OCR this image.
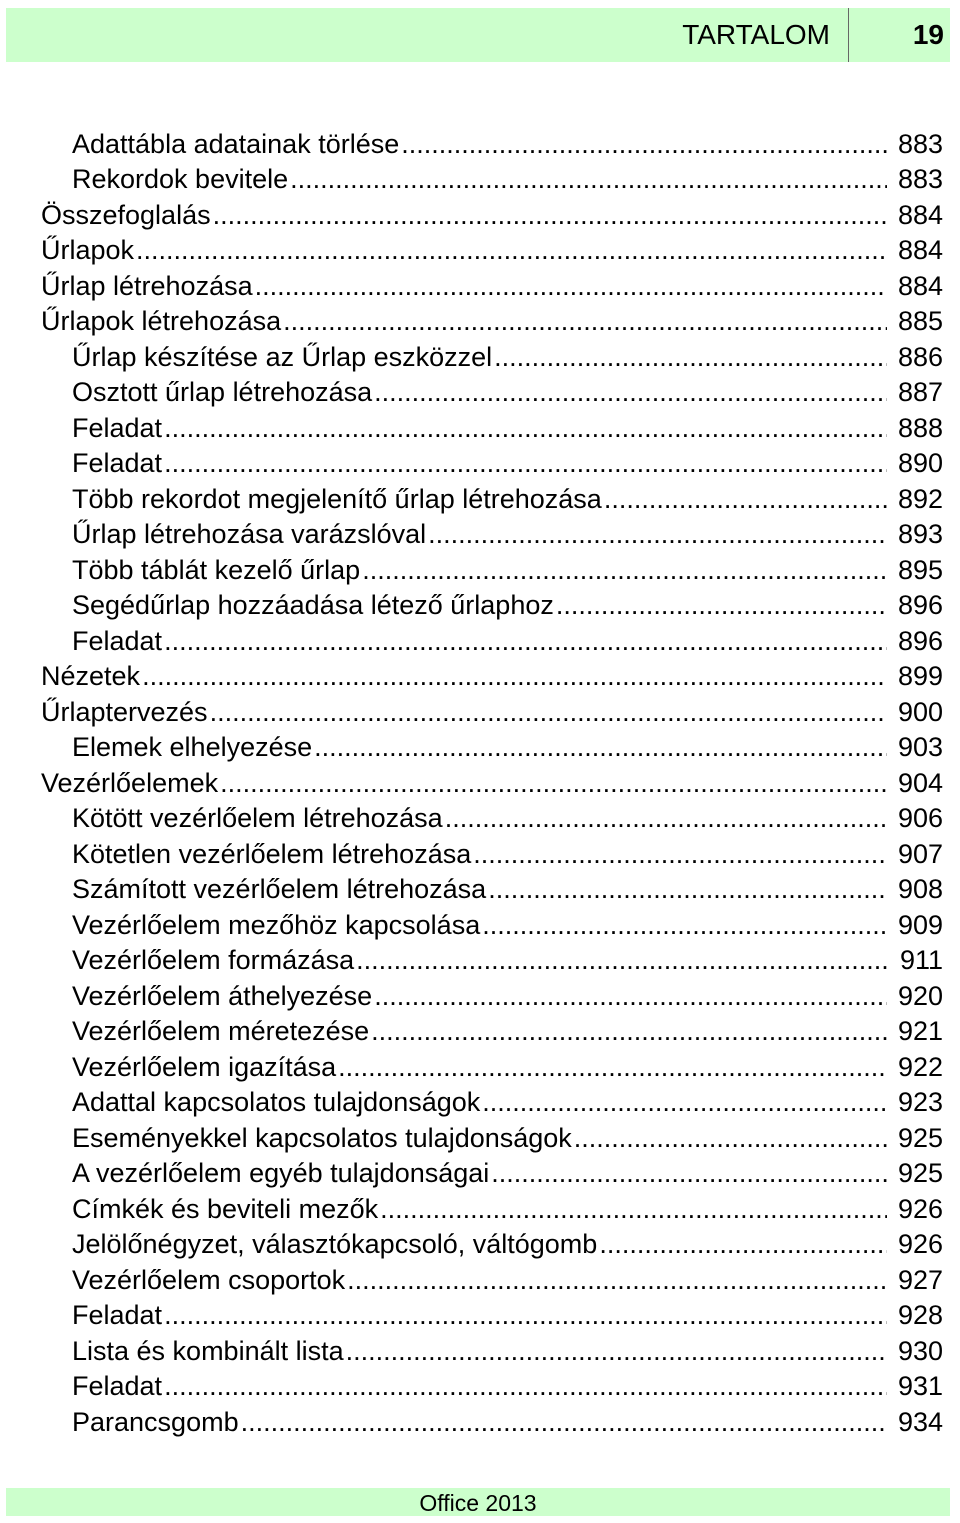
TARTALOM	19
Adattábla adatainak törlése .....	883
Rekordok bevitele .....	883
Összefoglalás .....	884
Űrlapok .....	884
Űrlap létrehozása .....	884
Űrlapok létrehozása .....	885
Űrlap készítése az Űrlap eszközzel .....	886
Osztott űrlap létrehozása .....	887
Feladat .....	888
Feladat .....	890
Több rekordot megjelenítő űrlap létrehozása .....	892
Űrlap létrehozása varázslóval .....	893
Több táblát kezelő űrlap .....	895
Segédűrlap hozzáadása létező űrlaphoz .....	896
Feladat .....	896
Nézetek .....	899
Űrlaptervezés .....	900
Elemek elhelyezése .....	903
Vezérlőelemek .....	904
Kötött vezérlőelem létrehozása .....	906
Kötetlen vezérlőelem létrehozása .....	907
Számított vezérlőelem létrehozása .....	908
Vezérlőelem mezőhöz kapcsolása .....	909
Vezérlőelem formázása .....	911
Vezérlőelem áthelyezése .....	920
Vezérlőelem méretezése .....	921
Vezérlőelem igazítása .....	922
Adattal kapcsolatos tulajdonságok .....	923
Eseményekkel kapcsolatos tulajdonságok .....	925
A vezérlőelem egyéb tulajdonságai .....	925
Címkék és beviteli mezők .....	926
Jelölőnégyzet, választókapcsoló, váltógomb .....	926
Vezérlőelem csoportok .....	927
Feladat .....	928
Lista és kombinált lista .....	930
Feladat .....	931
Parancsgomb .....	934
Office 2013
